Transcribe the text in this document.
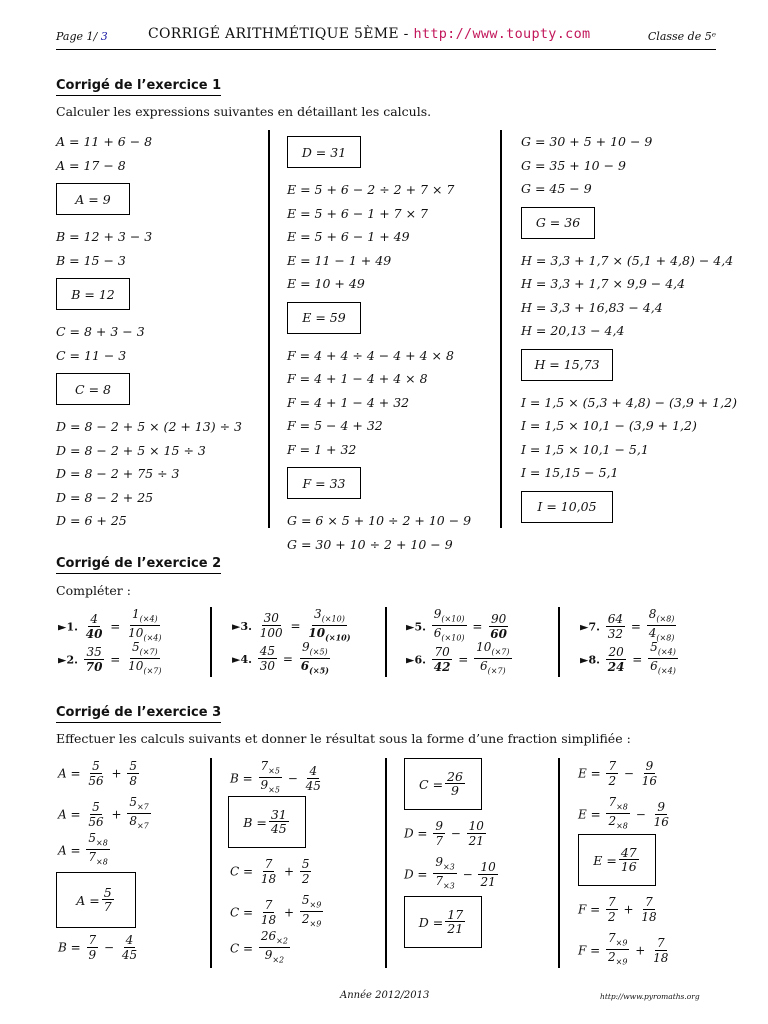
Page 1/ 3	CORRIGÉ ARITHMÉTIQUE 5ÈME - http://www.toupty.com	Classe de 5ᵉ
Corrigé de l’exercice 1
Calculer les expressions suivantes en détaillant les calculs.
A = 11 + 6 − 8
A = 17 − 8
A = 9
B = 12 + 3 − 3
B = 15 − 3
B = 12
C = 8 + 3 − 3
C = 11 − 3
C = 8
D = 8 − 2 + 5 × (2 + 13) ÷ 3
D = 8 − 2 + 5 × 15 ÷ 3
D = 8 − 2 + 75 ÷ 3
D = 8 − 2 + 25
D = 6 + 25
D = 31
E = 5 + 6 − 2 ÷ 2 + 7 × 7
E = 5 + 6 − 1 + 7 × 7
E = 5 + 6 − 1 + 49
E = 11 − 1 + 49
E = 10 + 49
E = 59
F = 4 + 4 ÷ 4 − 4 + 4 × 8
F = 4 + 1 − 4 + 4 × 8
F = 4 + 1 − 4 + 32
F = 5 − 4 + 32
F = 1 + 32
F = 33
G = 6 × 5 + 10 ÷ 2 + 10 − 9
G = 30 + 10 ÷ 2 + 10 − 9
G = 30 + 5 + 10 − 9
G = 35 + 10 − 9
G = 45 − 9
G = 36
H = 3,3 + 1,7 × (5,1 + 4,8) − 4,4
H = 3,3 + 1,7 × 9,9 − 4,4
H = 3,3 + 16,83 − 4,4
H = 20,13 − 4,4
H = 15,73
I = 1,5 × (5,3 + 4,8) − (3,9 + 1,2)
I = 1,5 × 10,1 − (3,9 + 1,2)
I = 1,5 × 10,1 − 5,1
I = 15,15 − 5,1
I = 10,05
Corrigé de l’exercice 2
Compléter :
►1. $\frac{4}{40} = \frac{1_{(\times 4)}}{10_{(\times 4)}}$
►2. $\frac{35}{70} = \frac{5_{(\times 7)}}{10_{(\times 7)}}$
►3. $\frac{30}{100} = \frac{3_{(\times 10)}}{10_{(\times 10)}}$
►4. $\frac{45}{30} = \frac{9_{(\times 5)}}{6_{(\times 5)}}$
►5. $\frac{9_{(\times 10)}}{6_{(\times 10)}} = \frac{90}{60}$
►6. $\frac{70}{42} = \frac{10_{(\times 7)}}{6_{(\times 7)}}$
►7. $\frac{64}{32} = \frac{8_{(\times 8)}}{4_{(\times 8)}}$
►8. $\frac{20}{24} = \frac{5_{(\times 4)}}{6_{(\times 4)}}$
Corrigé de l’exercice 3
Effectuer les calculs suivants et donner le résultat sous la forme d’une fraction simplifiée :
$A = \frac{5}{56} + \frac{5}{8}$
$A = \frac{5}{56} + \frac{5_{\times 7}}{8_{\times 7}}$
$A = \frac{5_{\times 8}}{7_{\times 8}}$
A = 5
7
$B = \frac{7}{9} - \frac{4}{45}$
$B = \frac{7_{\times 5}}{9_{\times 5}} - \frac{4}{45}$
B = 31
45
$C = \frac{7}{18} + \frac{5}{2}$
$C = \frac{7}{18} + \frac{5_{\times 9}}{2_{\times 9}}$
$C = \frac{26_{\times 2}}{9_{\times 2}}$
C = 26
9
$D = \frac{9}{7} - \frac{10}{21}$
$D = \frac{9_{\times 3}}{7_{\times 3}} - \frac{10}{21}$
D = 17
21
$E = \frac{7}{2} - \frac{9}{16}$
$E = \frac{7_{\times 8}}{2_{\times 8}} - \frac{9}{16}$
E = 47
16
$F = \frac{7}{2} + \frac{7}{18}$
$F = \frac{7_{\times 9}}{2_{\times 9}} + \frac{7}{18}$
Année 2012/2013	http://www.pyromaths.org
